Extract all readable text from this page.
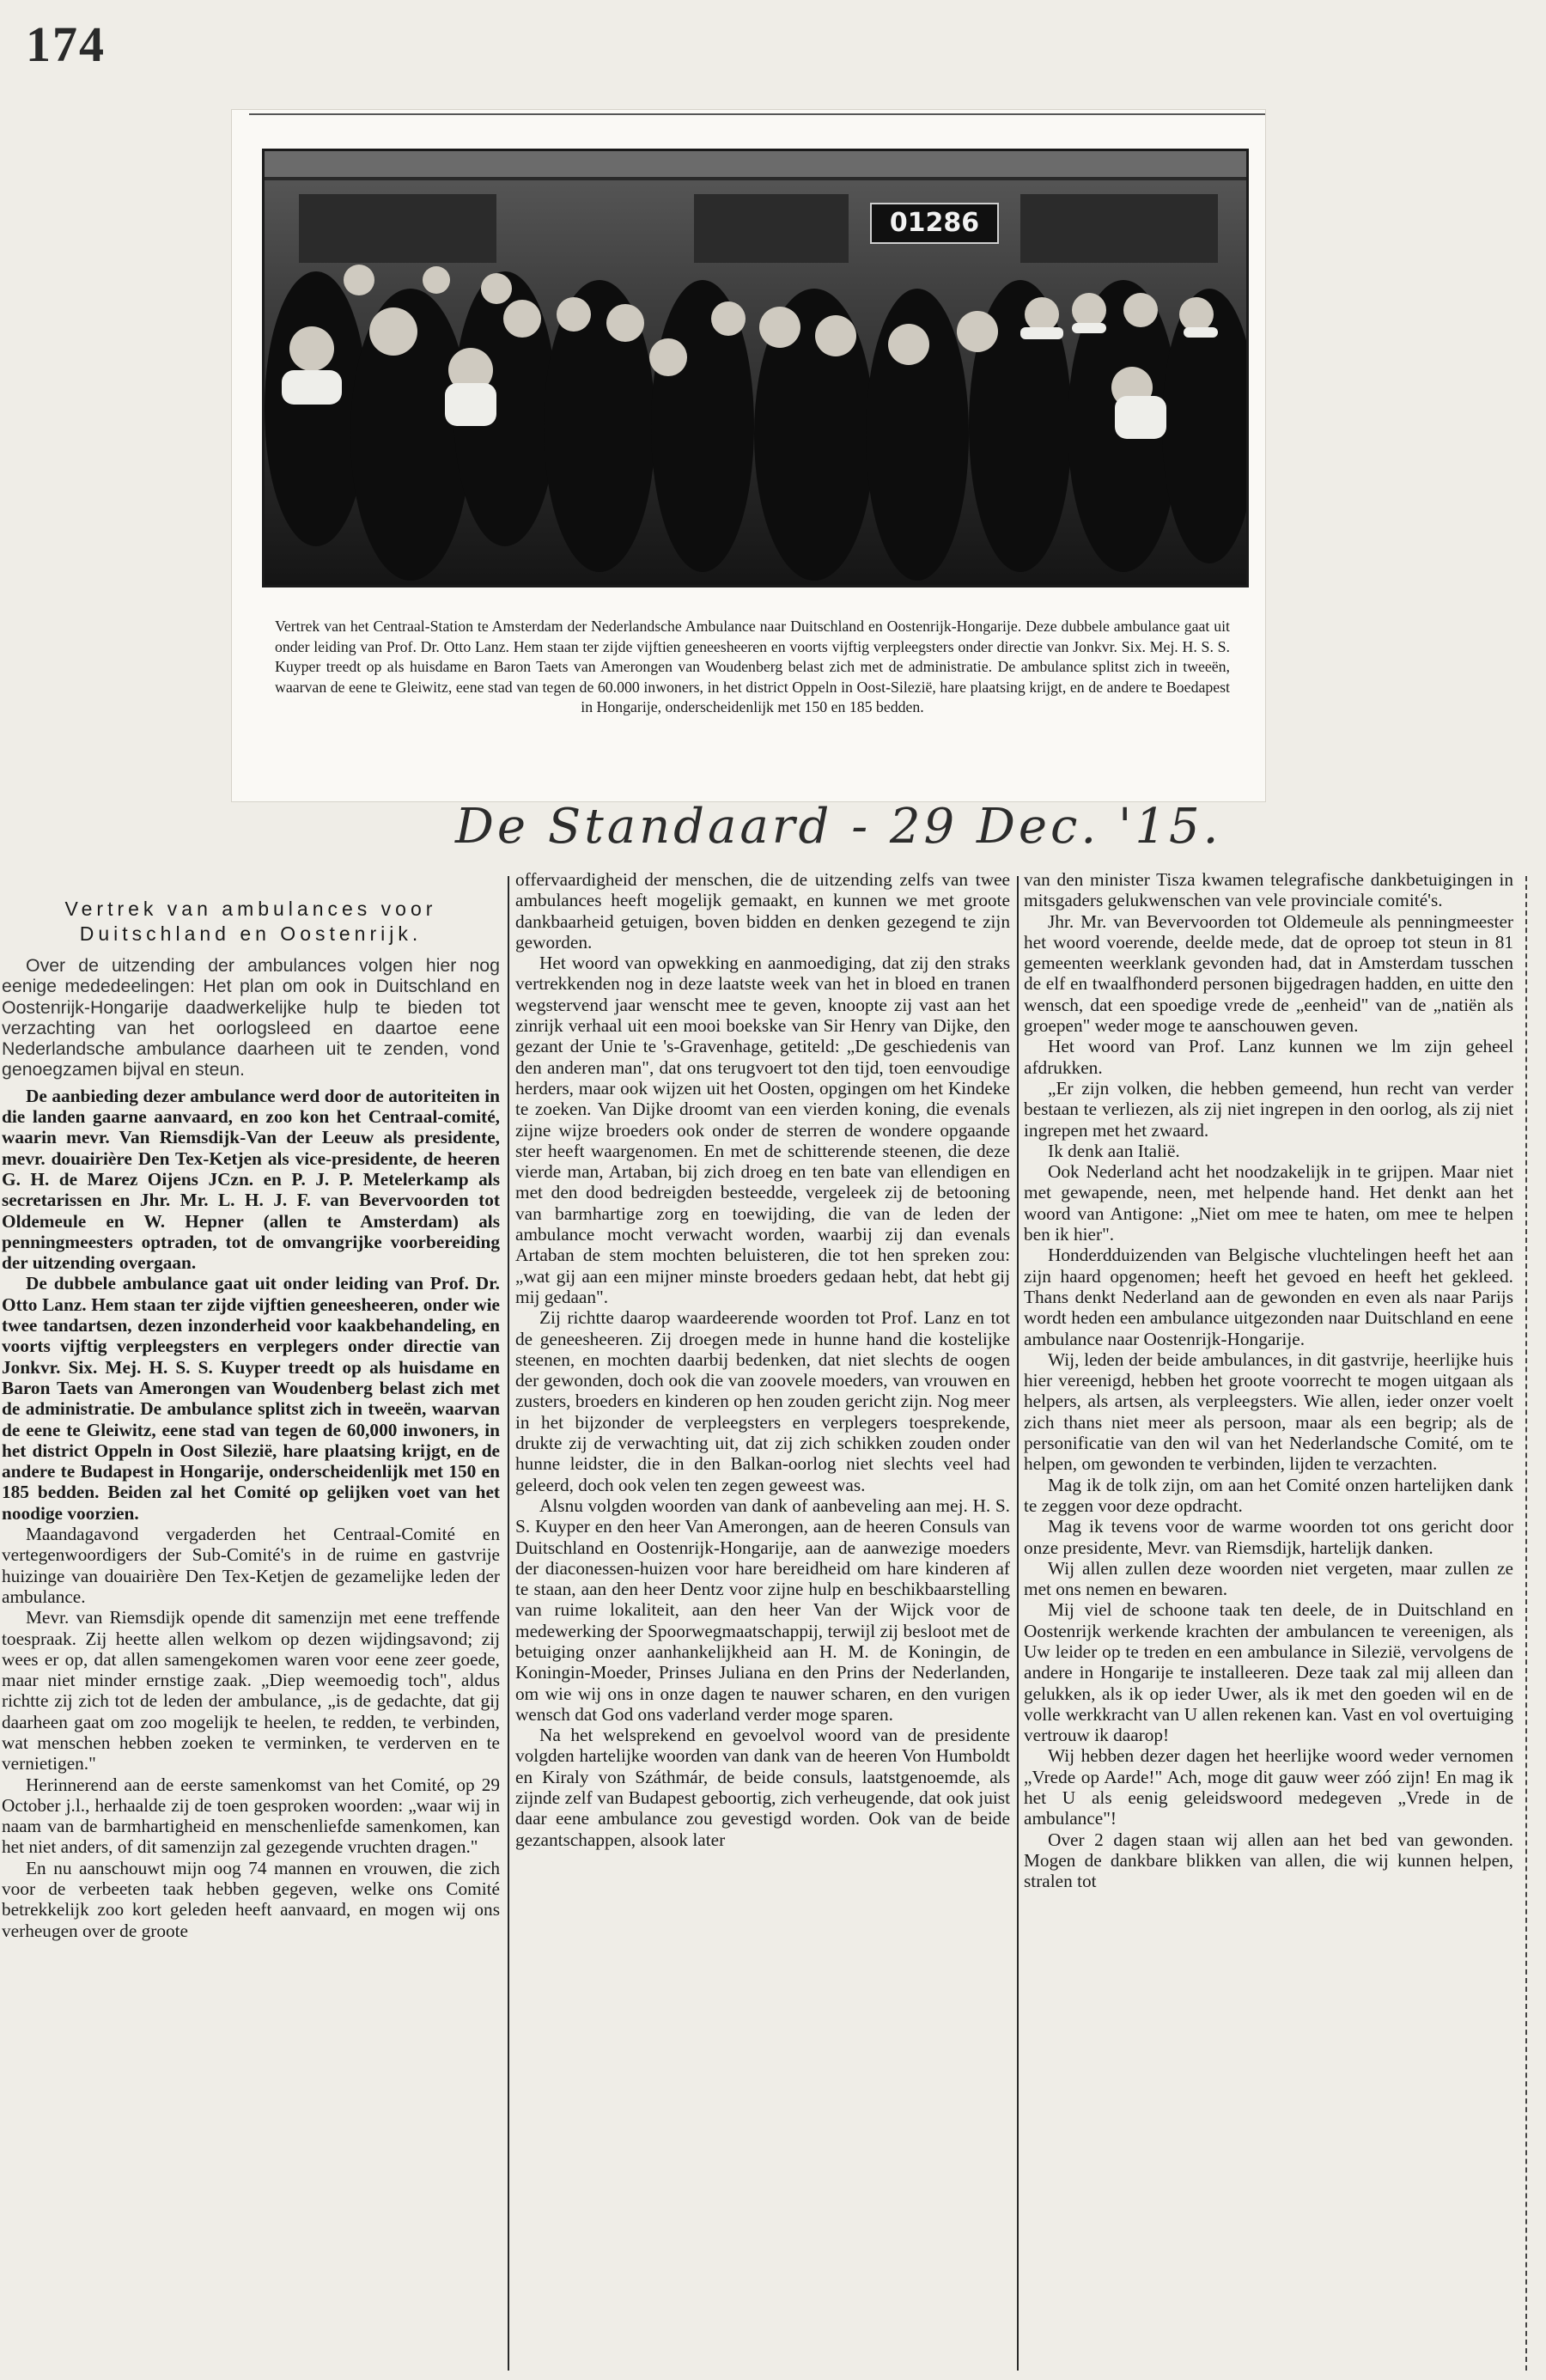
174
01286
Vertrek van het Centraal-Station te Amsterdam der Nederlandsche Ambulance naar Duitschland en Oostenrijk-Hongarije. Deze dubbele ambulance gaat uit onder leiding van Prof. Dr. Otto Lanz. Hem staan ter zijde vijftien geneesheeren en voorts vijftig verpleegsters onder directie van Jonkvr. Six. Mej. H. S. S. Kuyper treedt op als huisdame en Baron Taets van Amerongen van Woudenberg belast zich met de administratie. De ambulance splitst zich in tweeën, waarvan de eene te Gleiwitz, eene stad van tegen de 60.000 inwoners, in het district Oppeln in Oost-Silezië, hare plaatsing krijgt, en de andere te Boedapest in Hongarije, onderscheidenlijk met 150 en 185 bedden.
De Standaard - 29 Dec. '15.
Vertrek van ambulances voor Duitschland en Oostenrijk.

Over de uitzending der ambulances volgen hier nog eenige mededeelingen: Het plan om ook in Duitschland en Oostenrijk-Hongarije daadwerkelijke hulp te bieden tot verzachting van het oorlogsleed en daartoe eene Nederlandsche ambulance daarheen uit te zenden, vond genoegzamen bijval en steun.

De aanbieding dezer ambulance werd door de autoriteiten in die landen gaarne aanvaard, en zoo kon het Centraal-comité, waarin mevr. Van Riemsdijk-Van der Leeuw als presidente, mevr. douairière Den Tex-Ketjen als vice-presidente, de heeren G. H. de Marez Oijens JCzn. en P. J. P. Metelerkamp als secretarissen en Jhr. Mr. L. H. J. F. van Bevervoorden tot Oldemeule en W. Hepner (allen te Amsterdam) als penningmeesters optraden, tot de omvangrijke voorbereiding der uitzending overgaan.

De dubbele ambulance gaat uit onder leiding van Prof. Dr. Otto Lanz. Hem staan ter zijde vijftien geneesheeren, onder wie twee tandartsen, dezen inzonderheid voor kaakbehandeling, en voorts vijftig verpleegsters en verplegers onder directie van Jonkvr. Six. Mej. H. S. S. Kuyper treedt op als huisdame en Baron Taets van Amerongen van Woudenberg belast zich met de administratie. De ambulance splitst zich in tweeën, waarvan de eene te Gleiwitz, eene stad van tegen de 60,000 inwoners, in het district Oppeln in Oost Silezië, hare plaatsing krijgt, en de andere te Budapest in Hongarije, onderscheidenlijk met 150 en 185 bedden. Beiden zal het Comité op gelijken voet van het noodige voorzien.

Maandagavond vergaderden het Centraal-Comité en vertegenwoordigers der Sub-Comité's in de ruime en gastvrije huizinge van douairière Den Tex-Ketjen de gezamelijke leden der ambulance.

Mevr. van Riemsdijk opende dit samenzijn met eene treffende toespraak. Zij heette allen welkom op dezen wijdingsavond; zij wees er op, dat allen samengekomen waren voor eene zeer goede, maar niet minder ernstige zaak. „Diep weemoedig toch", aldus richtte zij zich tot de leden der ambulance, „is de gedachte, dat gij daarheen gaat om zoo mogelijk te heelen, te redden, te verbinden, wat menschen hebben zoeken te verminken, te verderven en te vernietigen."

Herinnerend aan de eerste samenkomst van het Comité, op 29 October j.l., herhaalde zij de toen gesproken woorden: „waar wij in naam van de barmhartigheid en menschenliefde samenkomen, kan het niet anders, of dit samenzijn zal gezegende vruchten dragen."

En nu aanschouwt mijn oog 74 mannen en vrouwen, die zich voor de verbeeten taak hebben gegeven, welke ons Comité betrekkelijk zoo kort geleden heeft aanvaard, en mogen wij ons verheugen over de groote

offervaardigheid der menschen, die de uitzending zelfs van twee ambulances heeft mogelijk gemaakt, en kunnen we met groote dankbaarheid getuigen, boven bidden en denken gezegend te zijn geworden.

Het woord van opwekking en aanmoediging, dat zij den straks vertrekkenden nog in deze laatste week van het in bloed en tranen wegstervend jaar wenscht mee te geven, knoopte zij vast aan het zinrijk verhaal uit een mooi boekske van Sir Henry van Dijke, den gezant der Unie te 's-Gravenhage, getiteld: „De geschiedenis van den anderen man", dat ons terugvoert tot den tijd, toen eenvoudige herders, maar ook wijzen uit het Oosten, opgingen om het Kindeke te zoeken. Van Dijke droomt van een vierden koning, die evenals zijne wijze broeders ook onder de sterren de wondere opgaande ster heeft waargenomen. En met de schitterende steenen, die deze vierde man, Artaban, bij zich droeg en ten bate van ellendigen en met den dood bedreigden besteedde, vergeleek zij de betooning van barmhartige zorg en toewijding, die van de leden der ambulance mocht verwacht worden, waarbij zij dan evenals Artaban de stem mochten beluisteren, die tot hen spreken zou: „wat gij aan een mijner minste broeders gedaan hebt, dat hebt gij mij gedaan".

Zij richtte daarop waardeerende woorden tot Prof. Lanz en tot de geneesheeren. Zij droegen mede in hunne hand die kostelijke steenen, en mochten daarbij bedenken, dat niet slechts de oogen der gewonden, doch ook die van zoovele moeders, van vrouwen en zusters, broeders en kinderen op hen zouden gericht zijn. Nog meer in het bijzonder de verpleegsters en verplegers toesprekende, drukte zij de verwachting uit, dat zij zich schikken zouden onder hunne leidster, die in den Balkan-oorlog niet slechts veel had geleerd, doch ook velen ten zegen geweest was.

Alsnu volgden woorden van dank of aanbeveling aan mej. H. S. S. Kuyper en den heer Van Amerongen, aan de heeren Consuls van Duitschland en Oostenrijk-Hongarije, aan de aanwezige moeders der diaconessen-huizen voor hare bereidheid om hare kinderen af te staan, aan den heer Dentz voor zijne hulp en beschikbaarstelling van ruime lokaliteit, aan den heer Van der Wijck voor de medewerking der Spoorwegmaatschappij, terwijl zij besloot met de betuiging onzer aanhankelijkheid aan H. M. de Koningin, de Koningin-Moeder, Prinses Juliana en den Prins der Nederlanden, om wie wij ons in onze dagen te nauwer scharen, en den vurigen wensch dat God ons vaderland verder moge sparen.

Na het welsprekend en gevoelvol woord van de presidente volgden hartelijke woorden van dank van de heeren Von Humboldt en Kiraly von Száthmár, de beide consuls, laatstgenoemde, als zijnde zelf van Budapest geboortig, zich verheugende, dat ook juist daar eene ambulance zou gevestigd worden. Ook van de beide gezantschappen, alsook later

van den minister Tisza kwamen telegrafische dankbetuigingen in mitsgaders gelukwenschen van vele provinciale comité's.

Jhr. Mr. van Bevervoorden tot Oldemeule als penningmeester het woord voerende, deelde mede, dat de oproep tot steun in 81 gemeenten weerklank gevonden had, dat in Amsterdam tusschen de elf en twaalfhonderd personen bijgedragen hadden, en uitte den wensch, dat een spoedige vrede de „eenheid" van de „natiën als groepen" weder moge te aanschouwen geven.

Het woord van Prof. Lanz kunnen we lm zijn geheel afdrukken.

„Er zijn volken, die hebben gemeend, hun recht van verder bestaan te verliezen, als zij niet ingrepen in den oorlog, als zij niet ingrepen met het zwaard.

Ik denk aan Italië.

Ook Nederland acht het noodzakelijk in te grijpen. Maar niet met gewapende, neen, met helpende hand. Het denkt aan het woord van Antigone: „Niet om mee te haten, om mee te helpen ben ik hier".

Honderdduizenden van Belgische vluchtelingen heeft het aan zijn haard opgenomen; heeft het gevoed en heeft het gekleed. Thans denkt Nederland aan de gewonden en even als naar Parijs wordt heden een ambulance uitgezonden naar Duitschland en eene ambulance naar Oostenrijk-Hongarije.

Wij, leden der beide ambulances, in dit gastvrije, heerlijke huis hier vereenigd, hebben het groote voorrecht te mogen uitgaan als helpers, als artsen, als verpleegsters. Wie allen, ieder onzer voelt zich thans niet meer als persoon, maar als een begrip; als de personificatie van den wil van het Nederlandsche Comité, om te helpen, om gewonden te verbinden, lijden te verzachten.

Mag ik de tolk zijn, om aan het Comité onzen hartelijken dank te zeggen voor deze opdracht.

Mag ik tevens voor de warme woorden tot ons gericht door onze presidente, Mevr. van Riemsdijk, hartelijk danken.

Wij allen zullen deze woorden niet vergeten, maar zullen ze met ons nemen en bewaren.

Mij viel de schoone taak ten deele, de in Duitschland en Oostenrijk werkende krachten der ambulancen te vereenigen, als Uw leider op te treden en een ambulance in Silezië, vervolgens de andere in Hongarije te installeeren. Deze taak zal mij alleen dan gelukken, als ik op ieder Uwer, als ik met den goeden wil en de volle werkkracht van U allen rekenen kan. Vast en vol overtuiging vertrouw ik daarop!

Wij hebben dezer dagen het heerlijke woord weder vernomen „Vrede op Aarde!" Ach, moge dit gauw weer zóó zijn! En mag ik het U als eenig geleidswoord medegeven „Vrede in de ambulance"!

Over 2 dagen staan wij allen aan het bed van gewonden. Mogen de dankbare blikken van allen, die wij kunnen helpen, stralen tot
